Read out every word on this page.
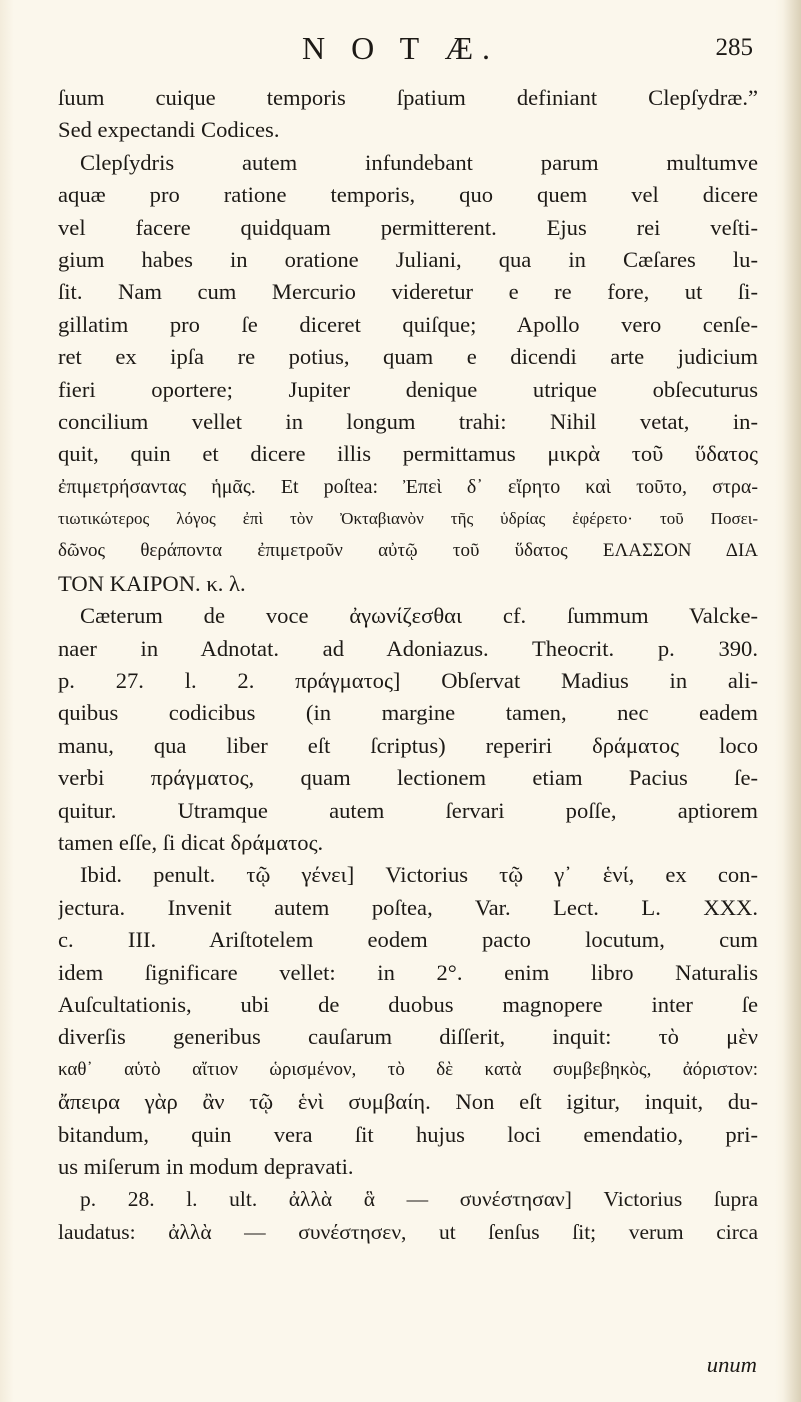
N O T Æ.	285
ſuum cuique temporis ſpatium definiant Clepſydræ.”
Sed expectandi Codices.
Clepſydris autem infundebant parum multumve
aquæ pro ratione temporis, quo quem vel dicere
vel facere quidquam permitterent. Ejus rei veſti-
gium habes in oratione Juliani, qua in Cæſares lu-
ſit. Nam cum Mercurio videretur e re fore, ut ſi-
gillatim pro ſe diceret quiſque; Apollo vero cenſe-
ret ex ipſa re potius, quam e dicendi arte judicium
fieri oportere; Jupiter denique utrique obſecuturus
concilium vellet in longum trahi: Nihil vetat, in-
quit, quin et dicere illis permittamus μικρὰ τοῦ ὕδατος
ἐπιμετρήσαντας ἡμᾶς. Et poſtea: Ἐπεὶ δ᾽ εἴρητο καὶ τοῦτο, στρα-
τιωτικώτερος λόγος ἐπὶ τὸν Ὀκταβιανὸν τῆς ὑδρίας ἐφέρετο· τοῦ Ποσει-
δῶνος θεράποντα ἐπιμετροῦν αὐτῷ τοῦ ὕδατος ΕΛΑΣΣΟΝ ΔΙΑ
ΤΟΝ ΚΑΙΡΟΝ. κ. λ.
Cæterum de voce ἀγωνίζεσθαι cf. ſummum Valcke-
naer in Adnotat. ad Adoniazus. Theocrit. p. 390.
p. 27. l. 2. πράγματος] Obſervat Madius in ali-
quibus codicibus (in margine tamen, nec eadem
manu, qua liber eſt ſcriptus) reperiri δράματος loco
verbi πράγματος, quam lectionem etiam Pacius ſe-
quitur. Utramque autem ſervari poſſe, aptiorem
tamen eſſe, ſi dicat δράματος.
Ibid. penult. τῷ γένει] Victorius τῷ γ᾽ ἑνί, ex con-
jectura. Invenit autem poſtea, Var. Lect. L. XXX.
c. III. Ariſtotelem eodem pacto locutum, cum
idem ſignificare vellet: in 2°. enim libro Naturalis
Auſcultationis, ubi de duobus magnopere inter ſe
diverſis generibus cauſarum diſſerit, inquit: τὸ μὲν
καθ᾽ αὑτὸ αἴτιον ὡρισμένον, τὸ δὲ κατὰ συμβεβηκὸς, ἀόριστον:
ἄπειρα γὰρ ἂν τῷ ἑνὶ συμβαίη. Non eſt igitur, inquit, du-
bitandum, quin vera ſit hujus loci emendatio, pri-
us miſerum in modum depravati.
p. 28. l. ult. ἀλλὰ ἃ — συνέστησαν] Victorius ſupra
laudatus: ἀλλὰ — συνέστησεν, ut ſenſus ſit; verum circa
unum
